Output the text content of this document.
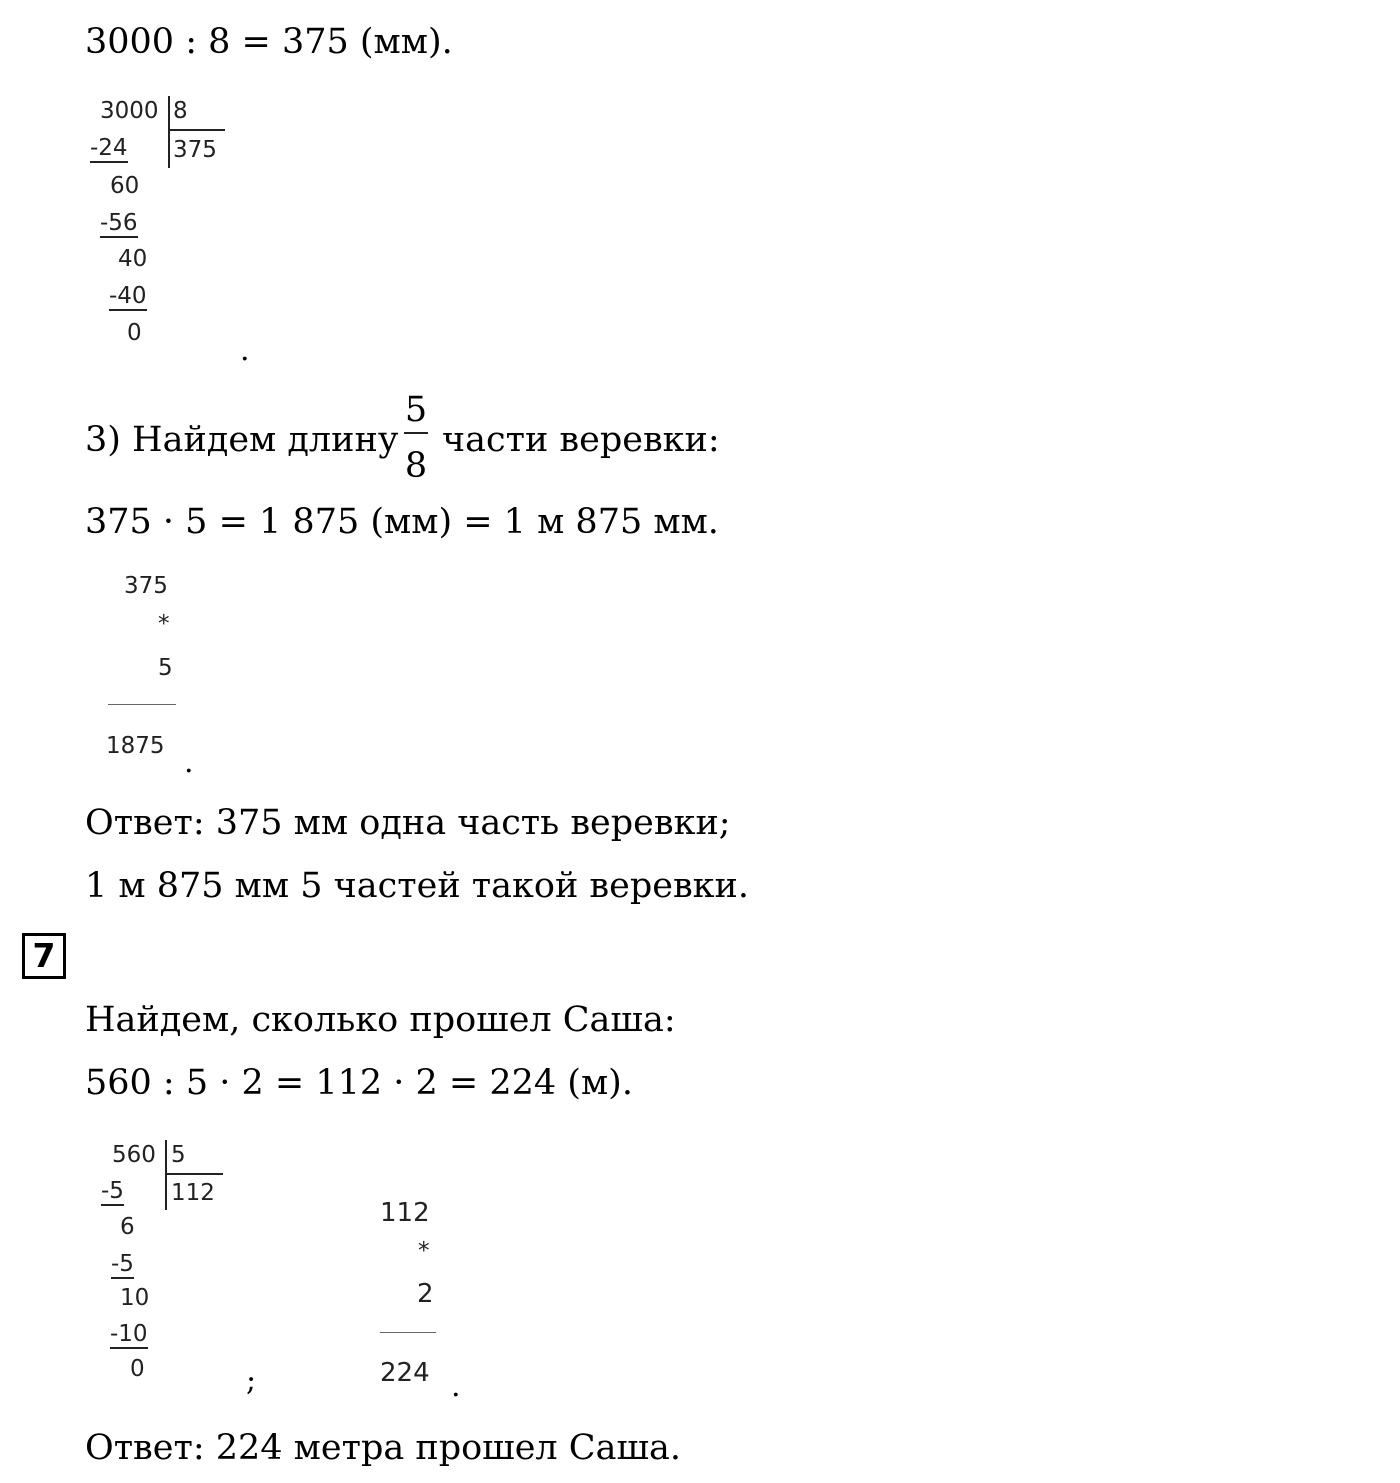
3000 : 8 = 375 (мм).
3000 8
375
-24
60
-56
40
-40
0	.
3) Найдем длину
5
8
части веревки:
375 · 5 = 1 875 (мм) = 1 м 875 мм.
375
*
5
1875 .
Ответ: 375 мм одна часть веревки;
1 м 875 мм 5 частей такой веревки.
7
Найдем, сколько прошел Саша:
560 : 5 · 2 = 112 · 2 = 224 (м).
560 5
112
-5
6
-5
10
-10
0	;
112
*
2
224 .
Ответ: 224 метра прошел Саша.
